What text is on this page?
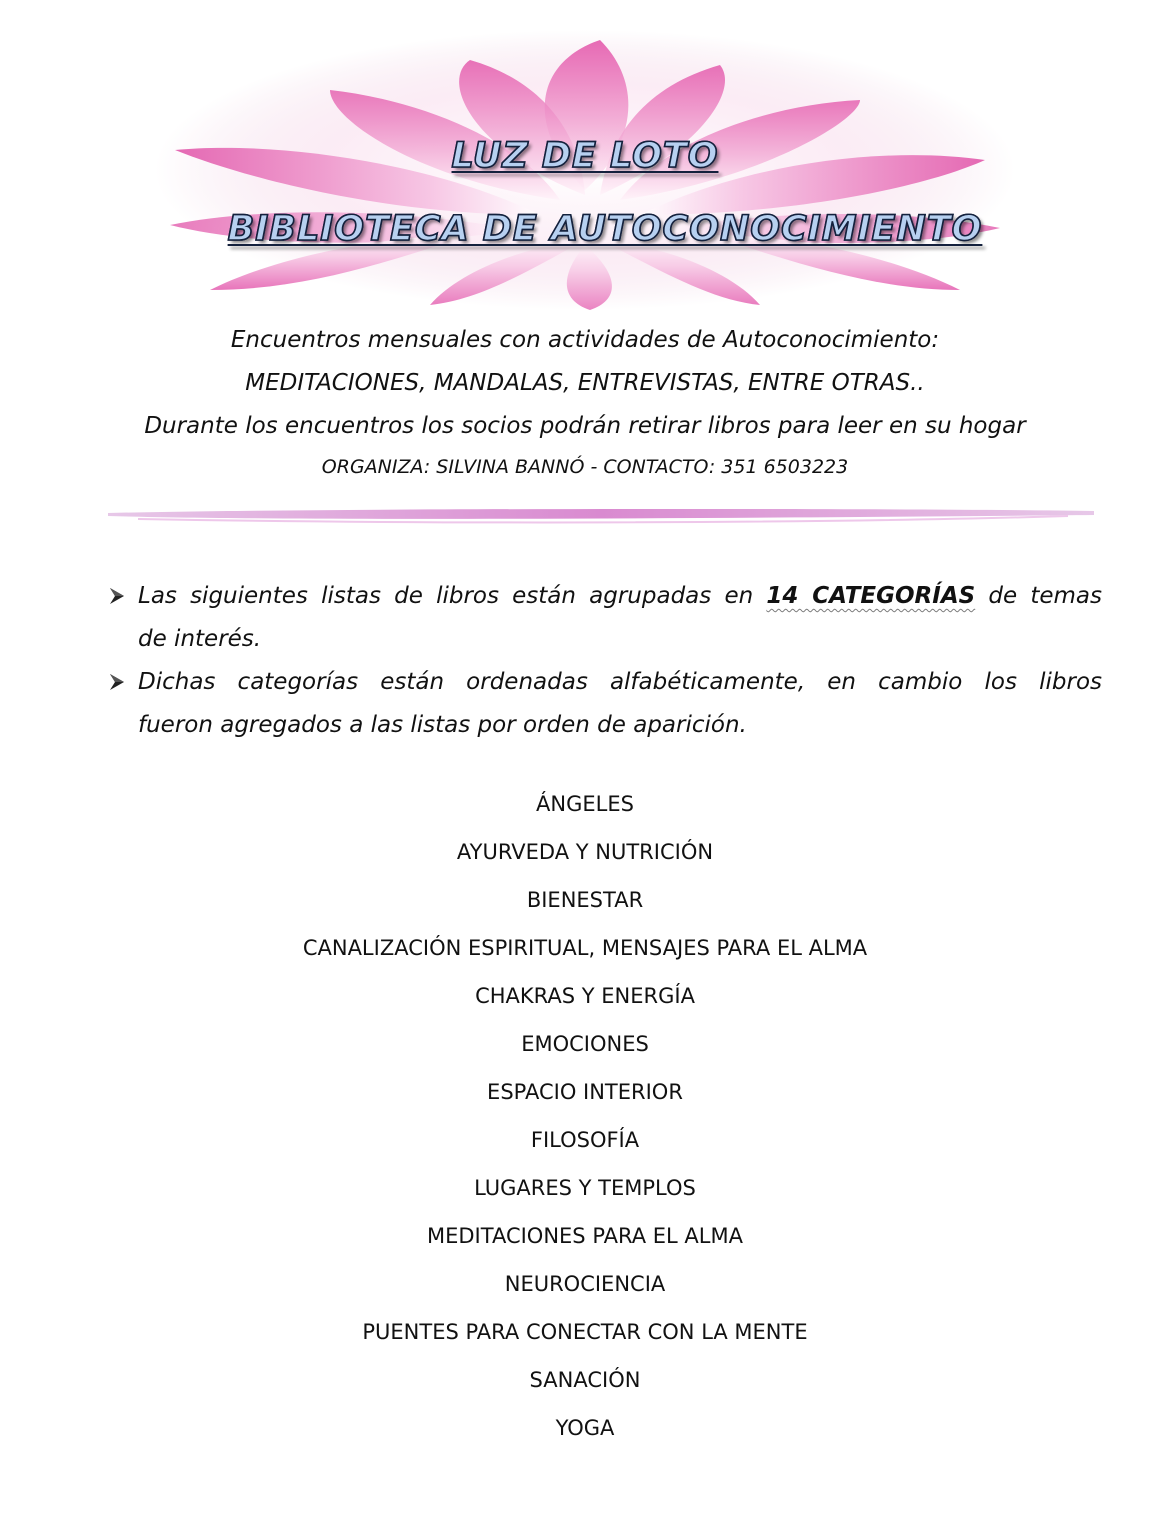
LUZ DE LOTO
BIBLIOTECA DE AUTOCONOCIMIENTO
Encuentros mensuales con actividades de Autoconocimiento:
MEDITACIONES, MANDALAS, ENTREVISTAS, ENTRE OTRAS..
Durante los encuentros los socios podrán retirar libros para leer en su hogar
ORGANIZA: SILVINA BANNÓ - CONTACTO: 351 6503223
Las siguientes listas de libros están agrupadas en 14 CATEGORÍAS de temas
de interés.
Dichas categorías están ordenadas alfabéticamente, en cambio los libros
fueron agregados a las listas por orden de aparición.
ÁNGELES
AYURVEDA Y NUTRICIÓN
BIENESTAR
CANALIZACIÓN ESPIRITUAL, MENSAJES PARA EL ALMA
CHAKRAS Y ENERGÍA
EMOCIONES
ESPACIO INTERIOR
FILOSOFÍA
LUGARES Y TEMPLOS
MEDITACIONES PARA EL ALMA
NEUROCIENCIA
PUENTES PARA CONECTAR CON LA MENTE
SANACIÓN
YOGA
